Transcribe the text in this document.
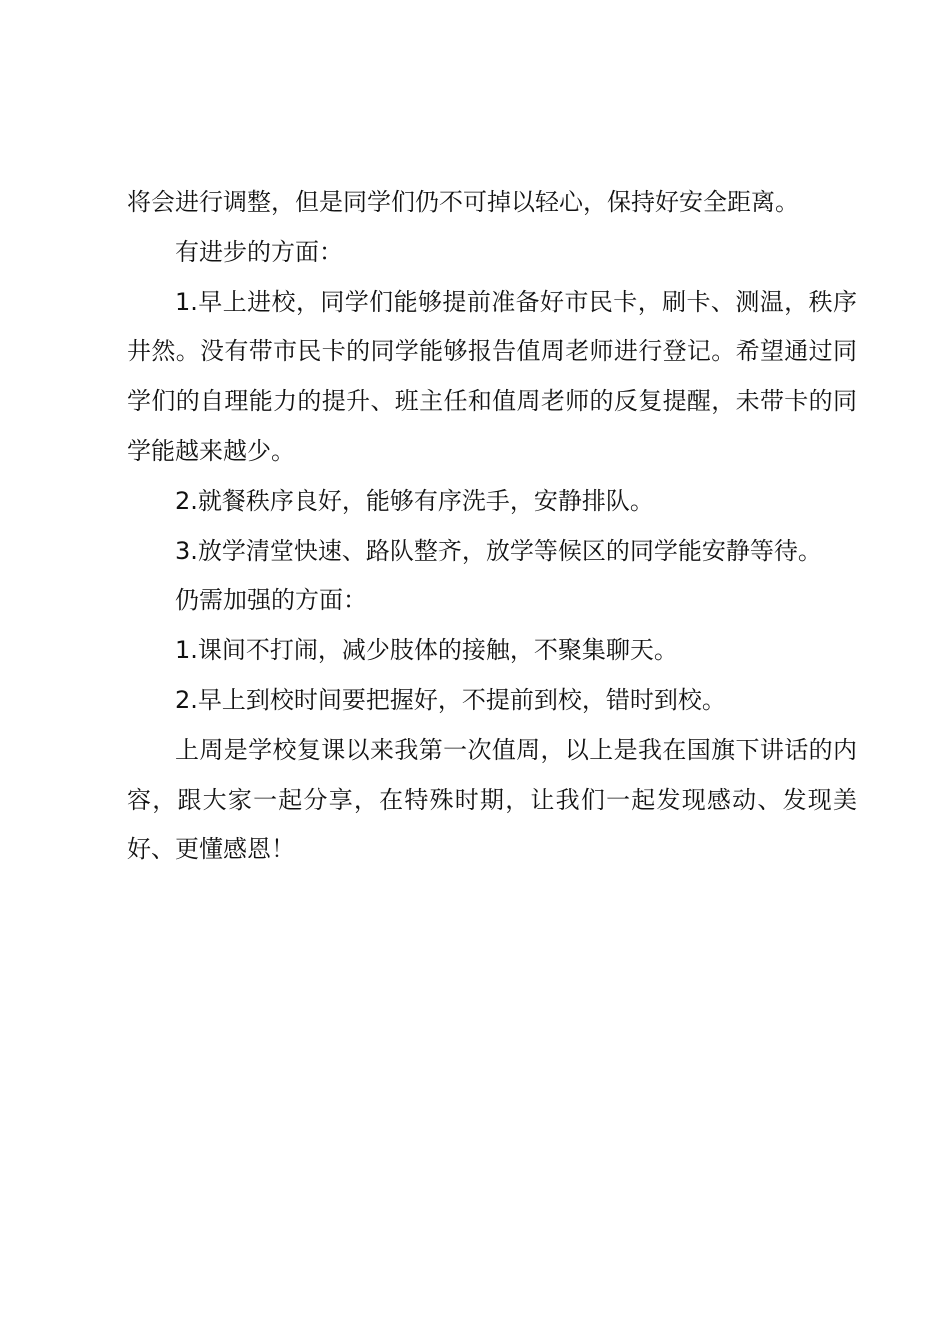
将会进行调整，但是同学们仍不可掉以轻心，保持好安全距离。

有进步的方面：

1.早上进校，同学们能够提前准备好市民卡，刷卡、测温，秩序井然。没有带市民卡的同学能够报告值周老师进行登记。希望通过同学们的自理能力的提升、班主任和值周老师的反复提醒，未带卡的同学能越来越少。

2.就餐秩序良好，能够有序洗手，安静排队。

3.放学清堂快速、路队整齐，放学等候区的同学能安静等待。

仍需加强的方面：

1.课间不打闹，减少肢体的接触，不聚集聊天。

2.早上到校时间要把握好，不提前到校，错时到校。

上周是学校复课以来我第一次值周，以上是我在国旗下讲话的内容，跟大家一起分享，在特殊时期，让我们一起发现感动、发现美好、更懂感恩！
